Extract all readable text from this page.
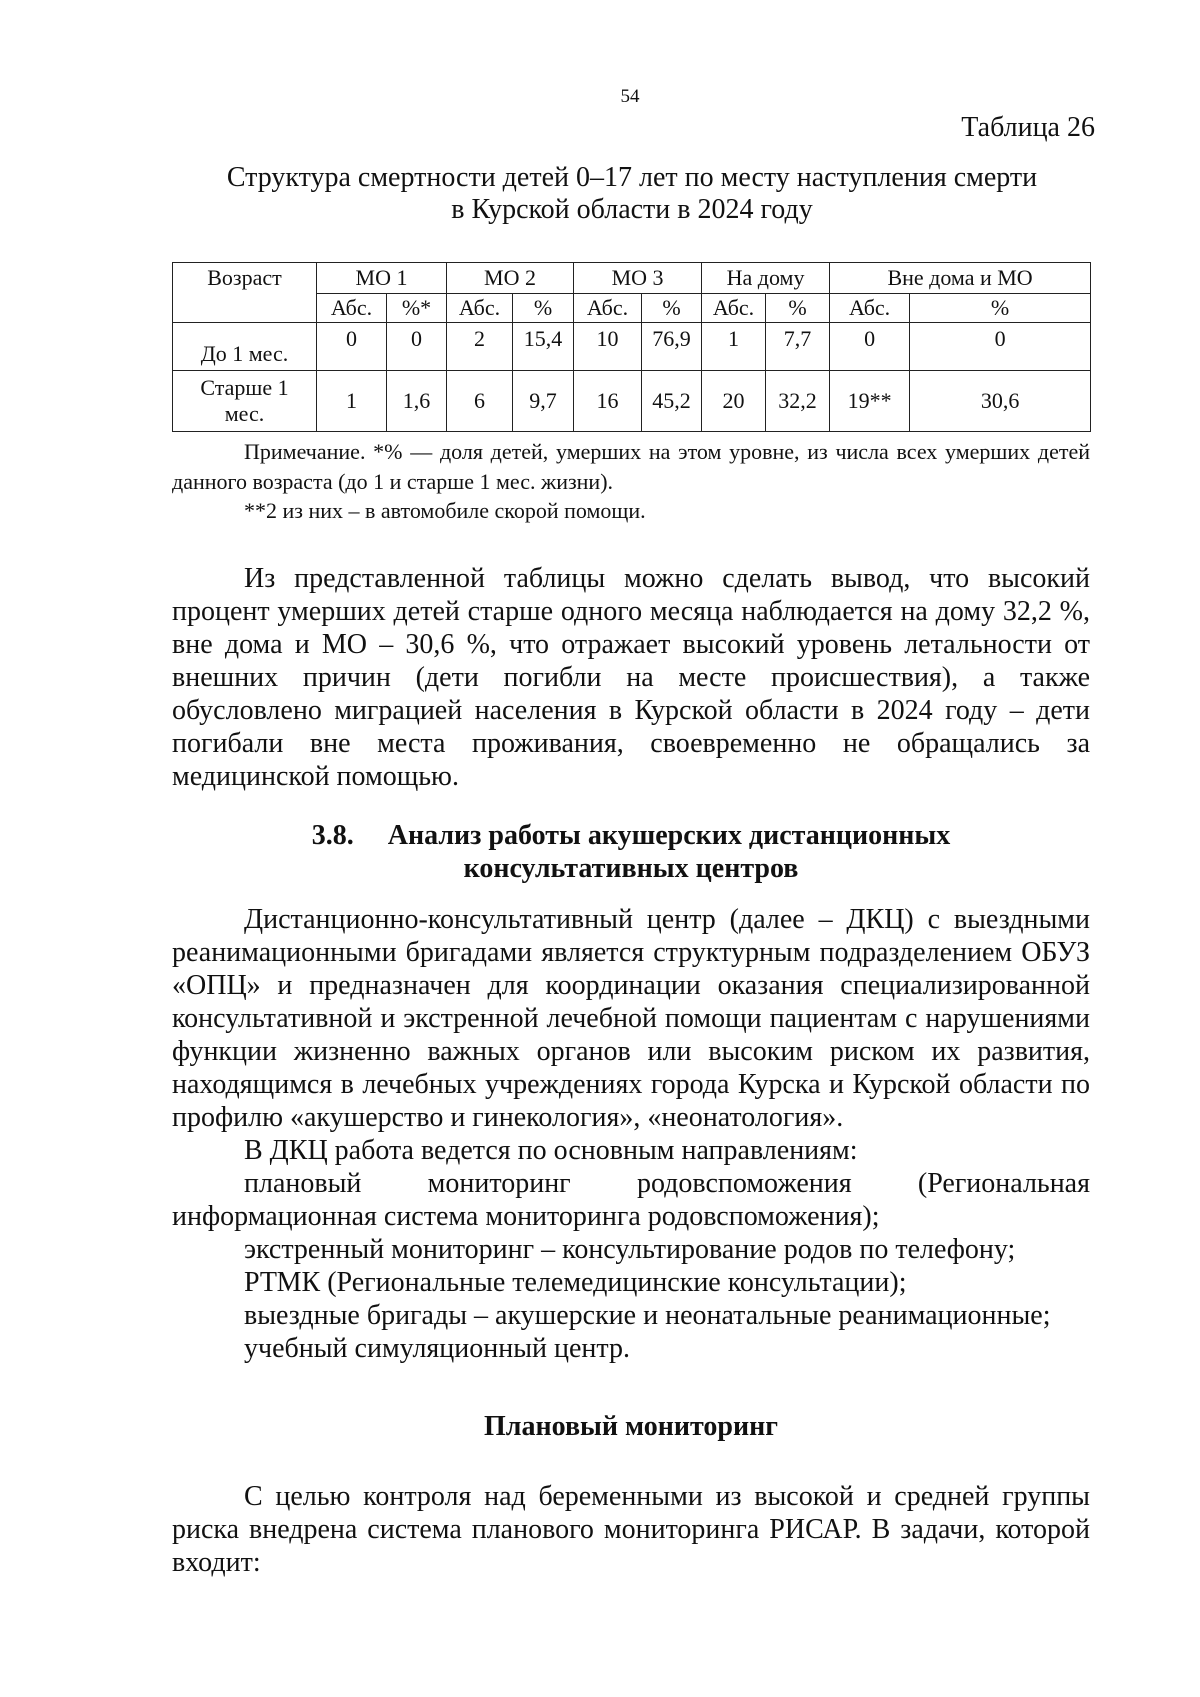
54
Таблица 26
Структура смертности детей 0–17 лет по месту наступления смерти
в Курской области в 2024 году
Возраст	МО 1		МО 2		МО 3		На дому		Вне дома и МО	
	Абс.	%*	Абс.	%	Абс.	%	Абс.	%	Абс.	%
До 1 мес.	0	0	2	15,4	10	76,9	1	7,7	0	0
Старше 1 мес.	1	1,6	6	9,7	16	45,2	20	32,2	19**	30,6
Примечание. *% — доля детей, умерших на этом уровне, из числа всех умерших детей данного возраста (до 1 и старше 1 мес. жизни).
**2 из них – в автомобиле скорой помощи.
Из представленной таблицы можно сделать вывод, что высокий процент умерших детей старше одного месяца наблюдается на дому 32,2 %, вне дома и МО – 30,6 %, что отражает высокий уровень летальности от внешних причин (дети погибли на месте происшествия), а также обусловлено миграцией населения в Курской области в 2024 году – дети погибали вне места проживания, своевременно не обращались за медицинской помощью.
3.8. Анализ работы акушерских дистанционных
консультативных центров
Дистанционно-консультативный центр (далее – ДКЦ) с выездными реанимационными бригадами является структурным подразделением ОБУЗ «ОПЦ» и предназначен для координации оказания специализированной консультативной и экстренной лечебной помощи пациентам с нарушениями функции жизненно важных органов или высоким риском их развития, находящимся в лечебных учреждениях города Курска и Курской области по профилю «акушерство и гинекология», «неонатология».
В ДКЦ работа ведется по основным направлениям:
плановый мониторинг родовспоможения (Региональная информационная система мониторинга родовспоможения);
экстренный мониторинг – консультирование родов по телефону;
РТМК (Региональные телемедицинские консультации);
выездные бригады – акушерские и неонатальные реанимационные;
учебный симуляционный центр.
Плановый мониторинг
С целью контроля над беременными из высокой и средней группы риска внедрена система планового мониторинга РИСАР. В задачи, которой входит:
